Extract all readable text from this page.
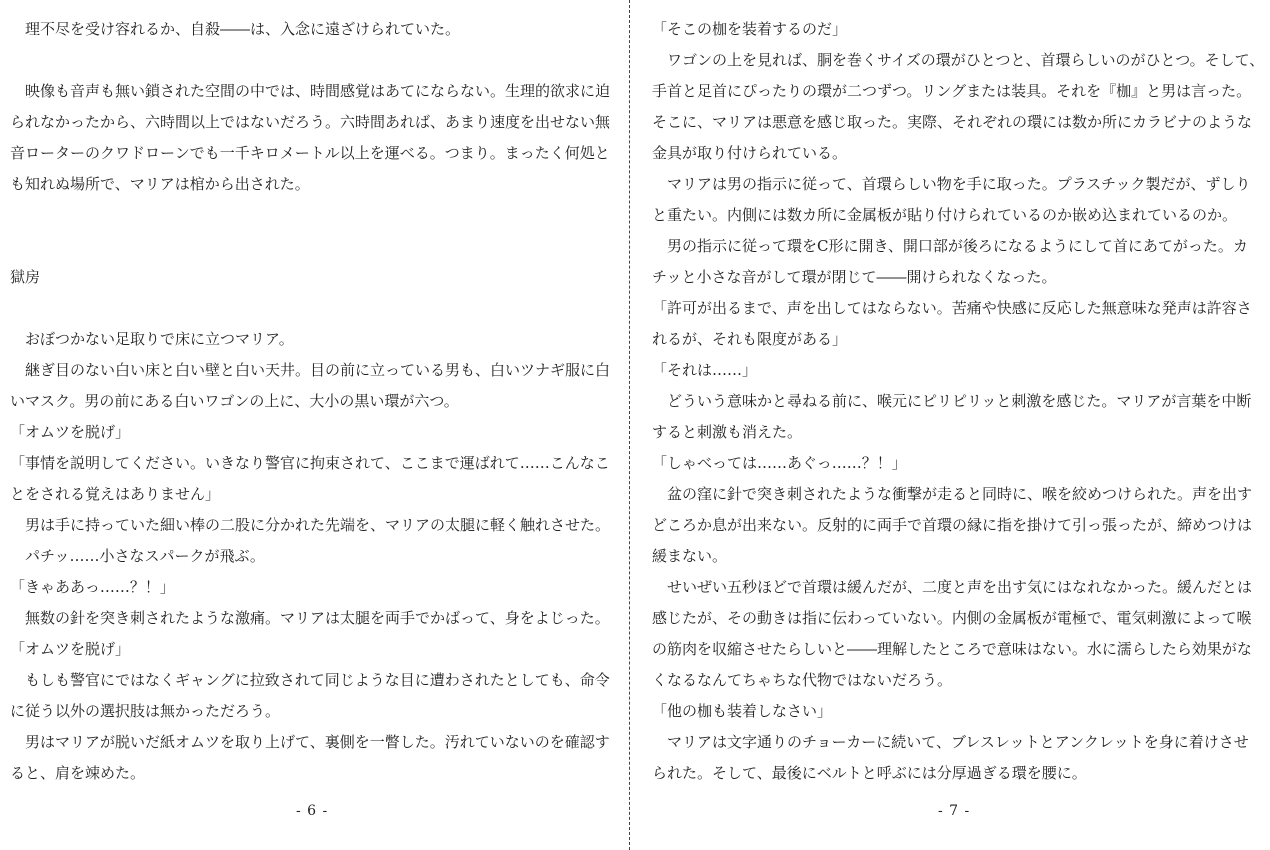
　理不尽を受け容れるか、自殺――は、入念に遠ざけられていた。
　映像も音声も無い鎖された空間の中では、時間感覚はあてにならない。生理的欲求に迫
られなかったから、六時間以上ではないだろう。六時間あれば、あまり速度を出せない無
音ローターのクワドローンでも一千キロメートル以上を運べる。つまり。まったく何処と
も知れぬ場所で、マリアは棺から出された。
獄房
　おぼつかない足取りで床に立つマリア。
　継ぎ目のない白い床と白い壁と白い天井。目の前に立っている男も、白いツナギ服に白
いマスク。男の前にある白いワゴンの上に、大小の黒い環が六つ。
「オムツを脱げ」
「事情を説明してください。いきなり警官に拘束されて、ここまで運ばれて……こんなこ
とをされる覚えはありません」
　男は手に持っていた細い棒の二股に分かれた先端を、マリアの太腿に軽く触れさせた。
　パチッ……小さなスパークが飛ぶ。
「きゃああっ……？！」
　無数の針を突き刺されたような激痛。マリアは太腿を両手でかばって、身をよじった。
「オムツを脱げ」
　もしも警官にではなくギャングに拉致されて同じような目に遭わされたとしても、命令
に従う以外の選択肢は無かっただろう。
　男はマリアが脱いだ紙オムツを取り上げて、裏側を一瞥した。汚れていないのを確認す
ると、肩を竦めた。
- 6 -
「そこの枷を装着するのだ」
　ワゴンの上を見れば、胴を巻くサイズの環がひとつと、首環らしいのがひとつ。そして、
手首と足首にぴったりの環が二つずつ。リングまたは装具。それを『枷』と男は言った。
そこに、マリアは悪意を感じ取った。実際、それぞれの環には数か所にカラビナのような
金具が取り付けられている。
　マリアは男の指示に従って、首環らしい物を手に取った。プラスチック製だが、ずしり
と重たい。内側には数カ所に金属板が貼り付けられているのか嵌め込まれているのか。
　男の指示に従って環をC形に開き、開口部が後ろになるようにして首にあてがった。カ
チッと小さな音がして環が閉じて――開けられなくなった。
「許可が出るまで、声を出してはならない。苦痛や快感に反応した無意味な発声は許容さ
れるが、それも限度がある」
「それは……」
　どういう意味かと尋ねる前に、喉元にピリピリッと刺激を感じた。マリアが言葉を中断
すると刺激も消えた。
「しゃべっては……あぐっ……？！」
　盆の窪に針で突き刺されたような衝撃が走ると同時に、喉を絞めつけられた。声を出す
どころか息が出来ない。反射的に両手で首環の縁に指を掛けて引っ張ったが、締めつけは
緩まない。
　せいぜい五秒ほどで首環は緩んだが、二度と声を出す気にはなれなかった。緩んだとは
感じたが、その動きは指に伝わっていない。内側の金属板が電極で、電気刺激によって喉
の筋肉を収縮させたらしいと――理解したところで意味はない。水に濡らしたら効果がな
くなるなんてちゃちな代物ではないだろう。
「他の枷も装着しなさい」
　マリアは文字通りのチョーカーに続いて、ブレスレットとアンクレットを身に着けさせ
られた。そして、最後にベルトと呼ぶには分厚過ぎる環を腰に。
- 7 -
